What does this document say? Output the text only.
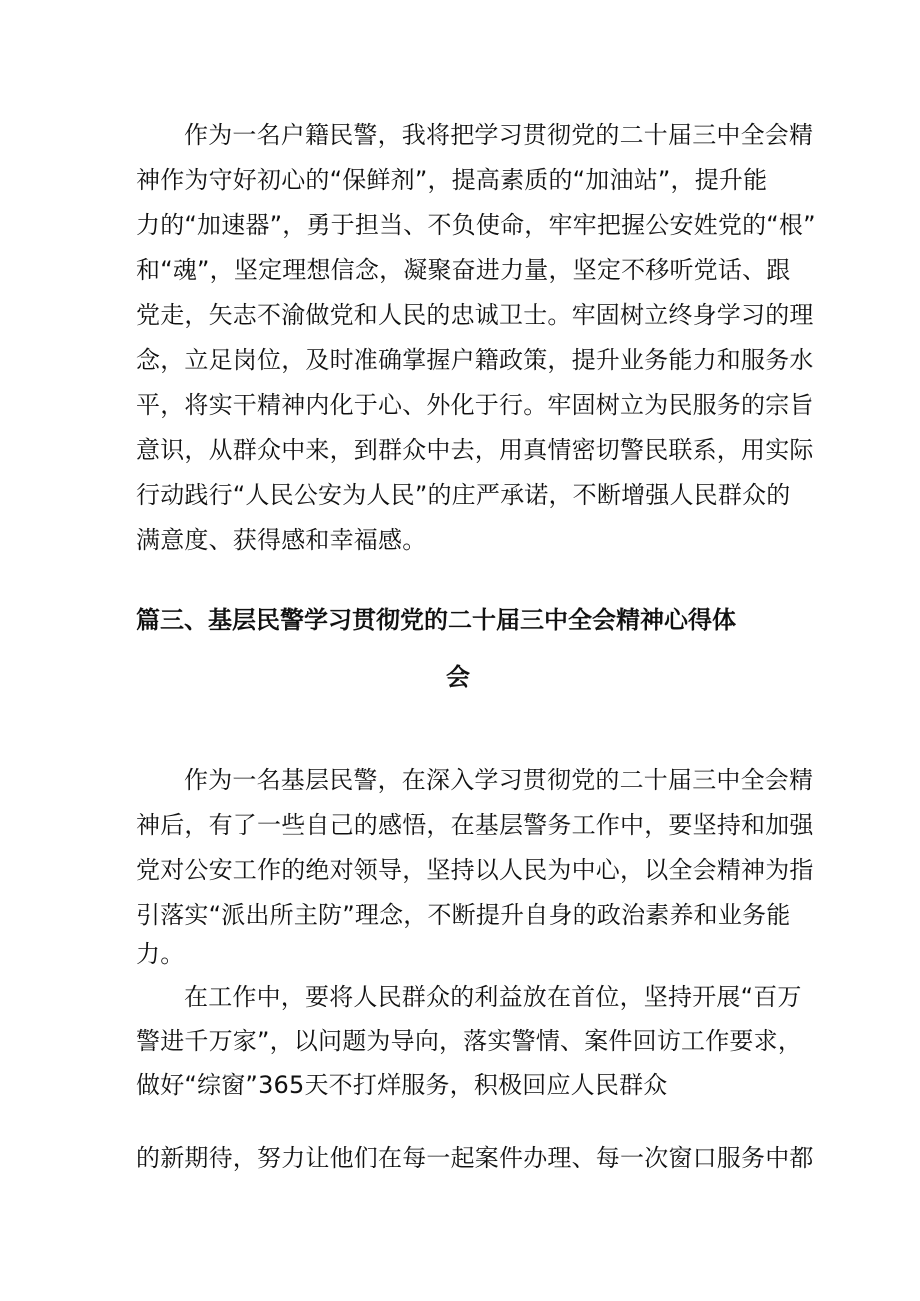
作为一名户籍民警，我将把学习贯彻党的二十届三中全会精
神作为守好初心的“保鲜剂”，提高素质的“加油站”，提升能
力的“加速器”，勇于担当、不负使命，牢牢把握公安姓党的“根”
和“魂”，坚定理想信念，凝聚奋进力量，坚定不移听党话、跟
党走，矢志不渝做党和人民的忠诚卫士。牢固树立终身学习的理
念，立足岗位，及时准确掌握户籍政策，提升业务能力和服务水
平，将实干精神内化于心、外化于行。牢固树立为民服务的宗旨
意识，从群众中来，到群众中去，用真情密切警民联系，用实际
行动践行“人民公安为人民”的庄严承诺，不断增强人民群众的
满意度、获得感和幸福感。
篇三、基层民警学习贯彻党的二十届三中全会精神心得体
会
作为一名基层民警，在深入学习贯彻党的二十届三中全会精
神后，有了一些自己的感悟，在基层警务工作中，要坚持和加强
党对公安工作的绝对领导，坚持以人民为中心，以全会精神为指
引落实“派出所主防”理念，不断提升自身的政治素养和业务能
力。
在工作中，要将人民群众的利益放在首位，坚持开展“百万
警进千万家”，以问题为导向，落实警情、案件回访工作要求，
做好“综窗”365天不打烊服务，积极回应人民群众
的新期待，努力让他们在每一起案件办理、每一次窗口服务中都
